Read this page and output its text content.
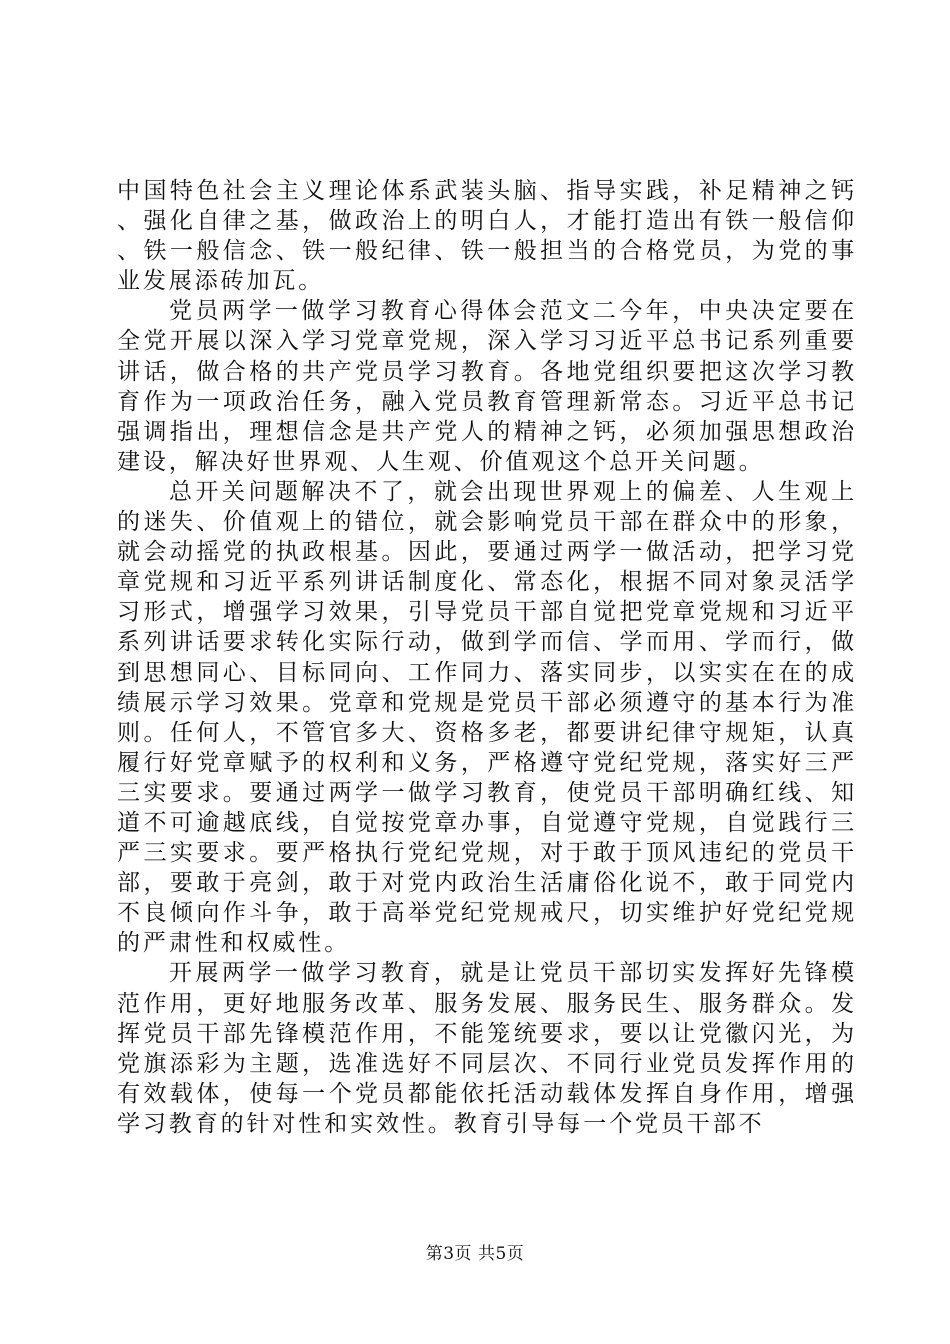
中国特色社会主义理论体系武装头脑、指导实践，补足精神之钙、强化自律之基，做政治上的明白人，才能打造出有铁一般信仰、铁一般信念、铁一般纪律、铁一般担当的合格党员，为党的事业发展添砖加瓦。

党员两学一做学习教育心得体会范文二今年，中央决定要在全党开展以深入学习党章党规，深入学习习近平总书记系列重要讲话，做合格的共产党员学习教育。各地党组织要把这次学习教育作为一项政治任务，融入党员教育管理新常态。习近平总书记强调指出，理想信念是共产党人的精神之钙，必须加强思想政治建设，解决好世界观、人生观、价值观这个总开关问题。

总开关问题解决不了，就会出现世界观上的偏差、人生观上的迷失、价值观上的错位，就会影响党员干部在群众中的形象，就会动摇党的执政根基。因此，要通过两学一做活动，把学习党章党规和习近平系列讲话制度化、常态化，根据不同对象灵活学习形式，增强学习效果，引导党员干部自觉把党章党规和习近平系列讲话要求转化实际行动，做到学而信、学而用、学而行，做到思想同心、目标同向、工作同力、落实同步，以实实在在的成绩展示学习效果。党章和党规是党员干部必须遵守的基本行为准则。任何人，不管官多大、资格多老，都要讲纪律守规矩，认真履行好党章赋予的权利和义务，严格遵守党纪党规，落实好三严三实要求。要通过两学一做学习教育，使党员干部明确红线、知道不可逾越底线，自觉按党章办事，自觉遵守党规，自觉践行三严三实要求。要严格执行党纪党规，对于敢于顶风违纪的党员干部，要敢于亮剑，敢于对党内政治生活庸俗化说不，敢于同党内不良倾向作斗争，敢于高举党纪党规戒尺，切实维护好党纪党规的严肃性和权威性。

开展两学一做学习教育，就是让党员干部切实发挥好先锋模范作用，更好地服务改革、服务发展、服务民生、服务群众。发挥党员干部先锋模范作用，不能笼统要求，要以让党徽闪光，为党旗添彩为主题，选准选好不同层次、不同行业党员发挥作用的有效载体，使每一个党员都能依托活动载体发挥自身作用，增强学习教育的针对性和实效性。教育引导每一个党员干部不

第3页 共5页
